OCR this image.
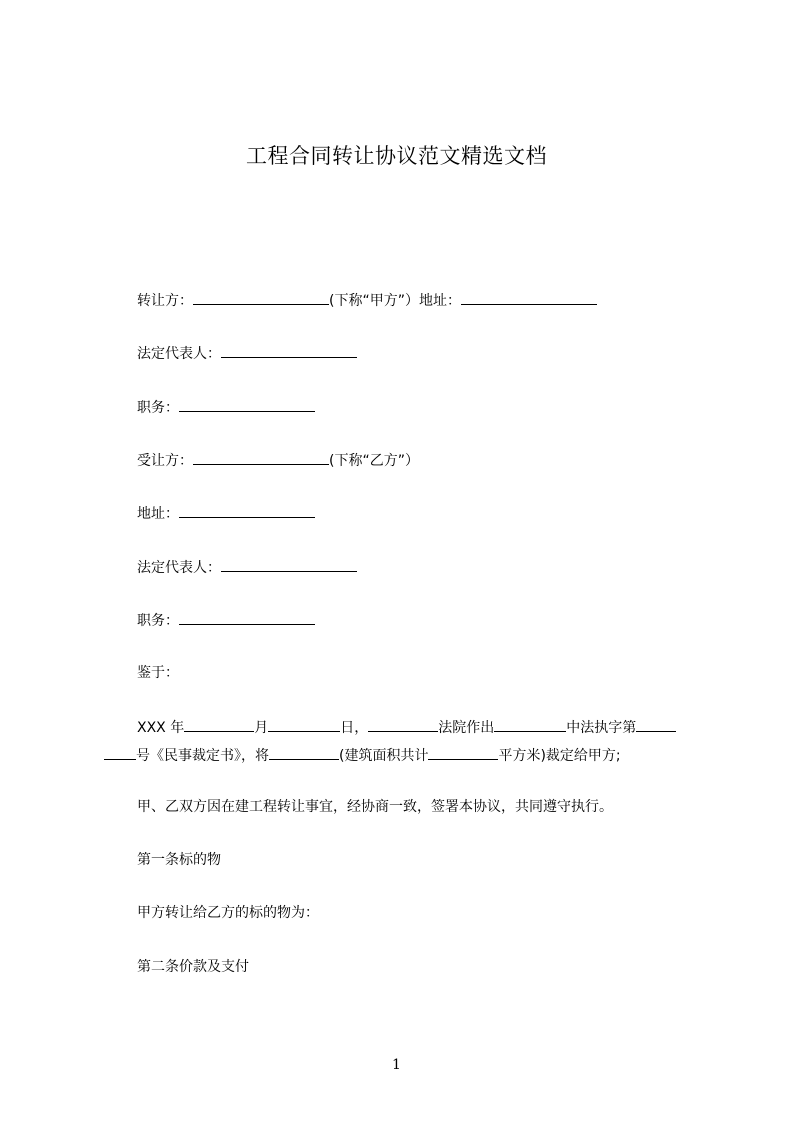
工程合同转让协议范文精选文档
转让方：	(下称“甲方”）地址：
法定代表人：
职务：
受让方：	(下称“乙方”）
地址：
法定代表人：
职务：
鉴于：
XXX 年	月	日，	法院作出	中法执字第
号《民事裁定书》，将	(建筑面积共计	平方米)裁定给甲方;
甲、乙双方因在建工程转让事宜，经协商一致，签署本协议，共同遵守执行。
第一条标的物
甲方转让给乙方的标的物为：
第二条价款及支付
1
